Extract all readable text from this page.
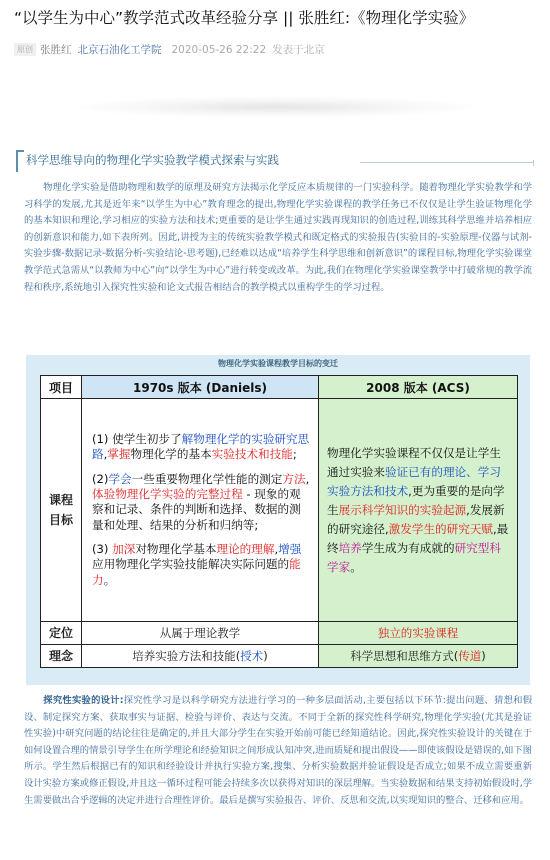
“以学生为中心”教学范式改革经验分享 || 张胜红:《物理化学实验》
原创 张胜红 北京石油化工学院 2020-05-26 22:22 发表于北京
科学思维导向的物理化学实验教学模式探索与实践

物理化学实验是借助物理和数学的原理及研究方法揭示化学反应本质规律的一门实验科学。随着物理化学实验教学和学习科学的发展,尤其是近年来“以学生为中心”教育理念的提出,物理化学实验课程的教学任务已不仅仅是让学生验证物理化学的基本知识和理论,学习相应的实验方法和技术;更重要的是让学生通过实践再现知识的创造过程,训练其科学思维并培养相应的创新意识和能力,如下表所列。因此,讲授为主的传统实验教学模式和既定格式的实验报告(实验目的-实验原理-仪器与试剂-实验步骤-数据记录-数据分析-实验结论-思考题),已经难以达成“培养学生科学思维和创新意识”的课程目标,物理化学实验课堂教学范式急需从“以教师为中心”向“以学生为中心”进行转变或改革。为此,我们在物理化学实验课堂教学中打破常规的教学流程和秩序,系统地引入探究性实验和论文式报告相结合的教学模式以重构学生的学习过程。

物理化学实验课程教学目标的变迁
项目	1970s 版本 (Daniels)	2008 版本 (ACS)
课程目标	(1) 使学生初步了解物理化学的实验研究思路,掌握物理化学的基本实验技术和技能;

(2)学会一些重要物理化学性能的测定方法,体验物理化学实验的完整过程 - 现象的观察和记录、条件的判断和选择、数据的测量和处理、结果的分析和归纳等;

(3) 加深对物理化学基本理论的理解,增强应用物理化学实验技能解决实际问题的能力。	物理化学实验课程不仅仅是让学生通过实验来验证已有的理论、学习实验方法和技术,更为重要的是向学生展示科学知识的实验起源,发展新的研究途径,激发学生的研究天赋,最终培养学生成为有成就的研究型科学家。
定位	从属于理论教学	独立的实验课程
理念	培养实验方法和技能(授术)	科学思想和思维方式(传道)

探究性实验的设计:探究性学习是以科学研究方法进行学习的一种多层面活动,主要包括以下环节:提出问题、猜想和假设、制定探究方案、获取事实与证据、检验与评价、表达与交流。不同于全新的探究性科学研究,物理化学实验(尤其是验证性实验)中研究问题的结论往往是确定的,并且大部分学生在实验开始前可能已经知道结论。因此,探究性实验设计的关键在于如何设置合理的情景引导学生在所学理论和经验知识之间形成认知冲突,进而质疑和提出假设——即使该假设是错误的,如下图所示。学生然后根据已有的知识和经验设计并执行实验方案,搜集、分析实验数据并验证假设是否成立;如果不成立需要重新设计实验方案或修正假设,并且这一循环过程可能会持续多次以获得对知识的深层理解。当实验数据和结果支持初始假设时,学生需要做出合乎逻辑的决定并进行合理性评价。最后是撰写实验报告、评价、反思和交流,以实现知识的整合、迁移和应用。
